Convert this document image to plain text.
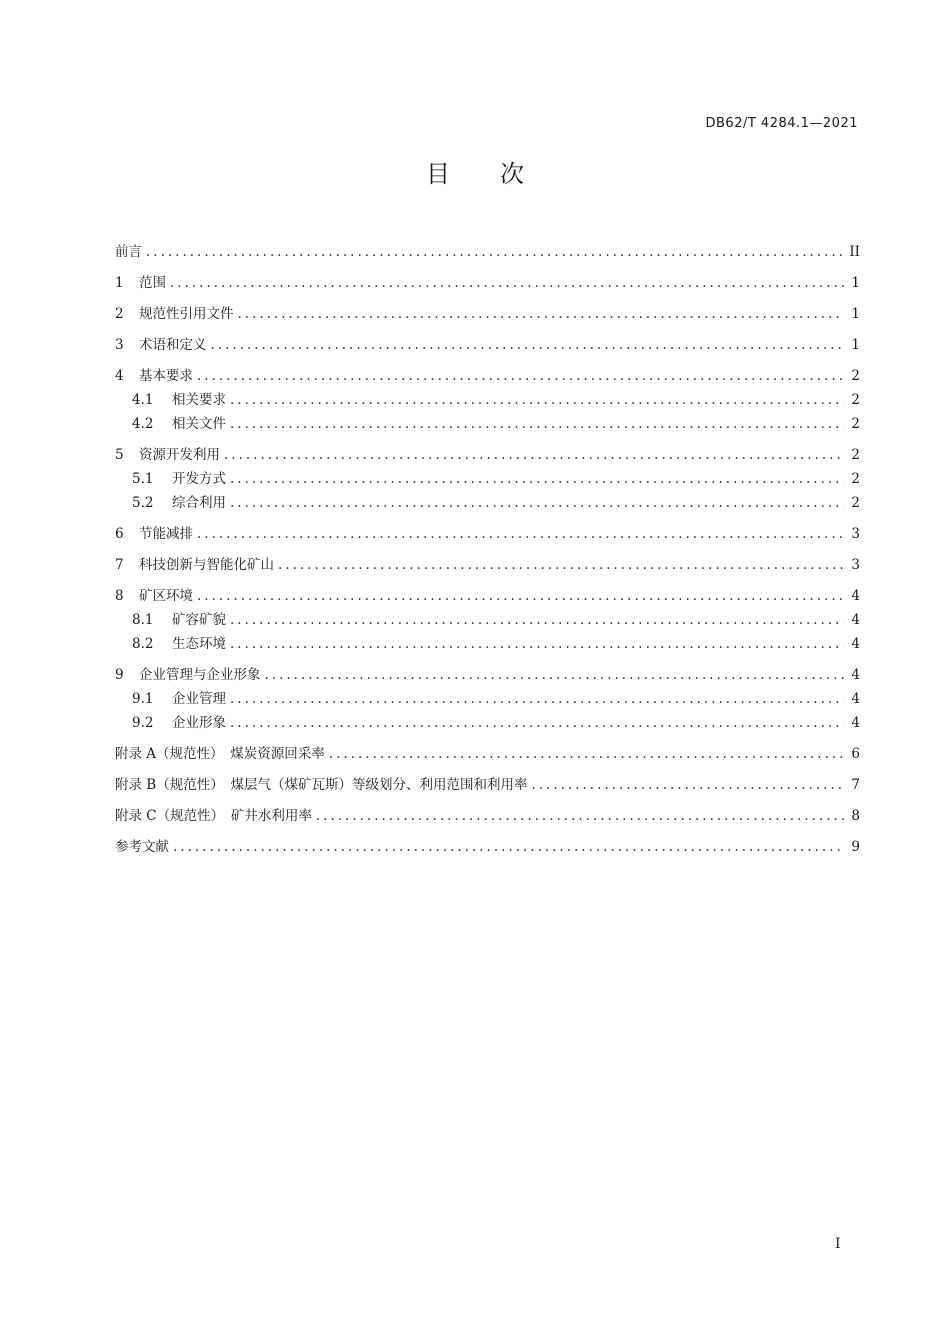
DB62/T 4284.1—2021
目 次
前言 .....	II
1	范围 .....	1
2	规范性引用文件 .....	1
3	术语和定义 .....	1
4	基本要求 .....	2
4.1	相关要求 .....	2
4.2	相关文件 .....	2
5	资源开发利用 .....	2
5.1	开发方式 .....	2
5.2	综合利用 .....	2
6	节能减排 .....	3
7	科技创新与智能化矿山 .....	3
8	矿区环境 .....	4
8.1	矿容矿貌 .....	4
8.2	生态环境 .....	4
9	企业管理与企业形象 .....	4
9.1	企业管理 .....	4
9.2	企业形象 .....	4
附录 A（规范性）　煤炭资源回采率 .....	6
附录 B（规范性）　煤层气（煤矿瓦斯）等级划分、利用范围和利用率 .....	7
附录 C（规范性）　矿井水利用率 .....	8
参考文献 .....	9
I
